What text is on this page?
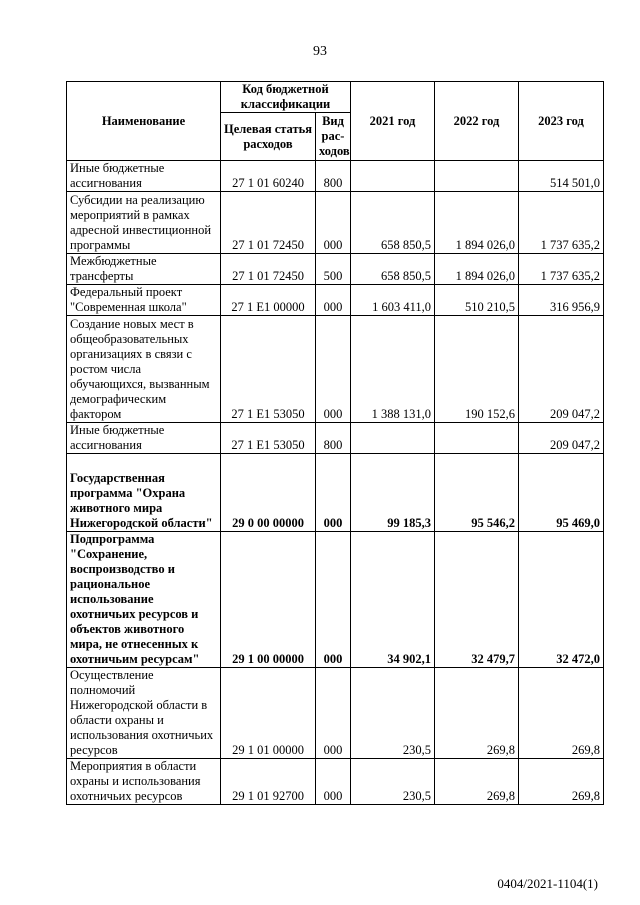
93
Наименование	Код бюджетной классификации		2021 год	2022 год	2023 год
	Целевая статья расходов	Вид рас-ходов			
Иные бюджетные ассигнования	27 1 01 60240	800			514 501,0
Субсидии на реализацию мероприятий в рамках адресной инвестиционной программы	27 1 01 72450	000	658 850,5	1 894 026,0	1 737 635,2
Межбюджетные трансферты	27 1 01 72450	500	658 850,5	1 894 026,0	1 737 635,2
Федеральный проект "Современная школа"	27 1 E1 00000	000	1 603 411,0	510 210,5	316 956,9
Создание новых мест в общеобразовательных организациях в связи с ростом числа обучающихся, вызванным демографическим фактором	27 1 E1 53050	000	1 388 131,0	190 152,6	209 047,2
Иные бюджетные ассигнования	27 1 E1 53050	800			209 047,2
Государственная программа "Охрана животного мира Нижегородской области"	29 0 00 00000	000	99 185,3	95 546,2	95 469,0
Подпрограмма "Сохранение, воспроизводство и рациональное использование охотничьих ресурсов и объектов животного мира, не отнесенных к охотничьим ресурсам"	29 1 00 00000	000	34 902,1	32 479,7	32 472,0
Осуществление полномочий Нижегородской области в области охраны и использования охотничьих ресурсов	29 1 01 00000	000	230,5	269,8	269,8
Мероприятия в области охраны и использования охотничьих ресурсов	29 1 01 92700	000	230,5	269,8	269,8
0404/2021-1104(1)
